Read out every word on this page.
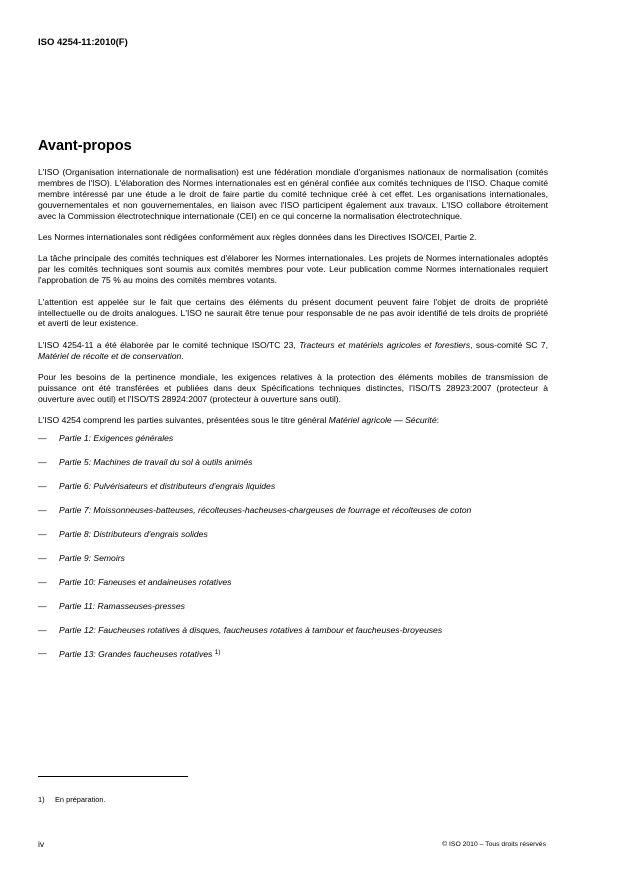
ISO 4254-11:2010(F)
Avant-propos

L'ISO (Organisation internationale de normalisation) est une fédération mondiale d'organismes nationaux de normalisation (comités membres de l'ISO). L'élaboration des Normes internationales est en général confiée aux comités techniques de l'ISO. Chaque comité membre intéressé par une étude a le droit de faire partie du comité technique créé à cet effet. Les organisations internationales, gouvernementales et non gouvernementales, en liaison avec l'ISO participent également aux travaux. L'ISO collabore étroitement avec la Commission électrotechnique internationale (CEI) en ce qui concerne la normalisation électrotechnique.

Les Normes internationales sont rédigées conformément aux règles données dans les Directives ISO/CEI, Partie 2.

La tâche principale des comités techniques est d'élaborer les Normes internationales. Les projets de Normes internationales adoptés par les comités techniques sont soumis aux comités membres pour vote. Leur publication comme Normes internationales requiert l'approbation de 75 % au moins des comités membres votants.

L'attention est appelée sur le fait que certains des éléments du présent document peuvent faire l'objet de droits de propriété intellectuelle ou de droits analogues. L'ISO ne saurait être tenue pour responsable de ne pas avoir identifié de tels droits de propriété et averti de leur existence.

L'ISO 4254-11 a été élaborée par le comité technique ISO/TC 23, Tracteurs et matériels agricoles et forestiers, sous-comité SC 7, Matériel de récolte et de conservation.

Pour les besoins de la pertinence mondiale, les exigences relatives à la protection des éléments mobiles de transmission de puissance ont été transférées et publiées dans deux Spécifications techniques distinctes, l'ISO/TS 28923:2007 (protecteur à ouverture avec outil) et l'ISO/TS 28924:2007 (protecteur à ouverture sans outil).

L'ISO 4254 comprend les parties suivantes, présentées sous le titre général Matériel agricole — Sécurité:

— Partie 1: Exigences générales
— Partie 5: Machines de travail du sol à outils animés
— Partie 6: Pulvérisateurs et distributeurs d'engrais liquides
— Partie 7: Moissonneuses-batteuses, récolteuses-hacheuses-chargeuses de fourrage et récolteuses de coton
— Partie 8: Distributeurs d'engrais solides
— Partie 9: Semoirs
— Partie 10: Faneuses et andaineuses rotatives
— Partie 11: Ramasseuses-presses
— Partie 12: Faucheuses rotatives à disques, faucheuses rotatives à tambour et faucheuses-broyeuses
— Partie 13: Grandes faucheuses rotatives $^{1)}$
1) En préparation.
iv	© ISO 2010 – Tous droits réservés
